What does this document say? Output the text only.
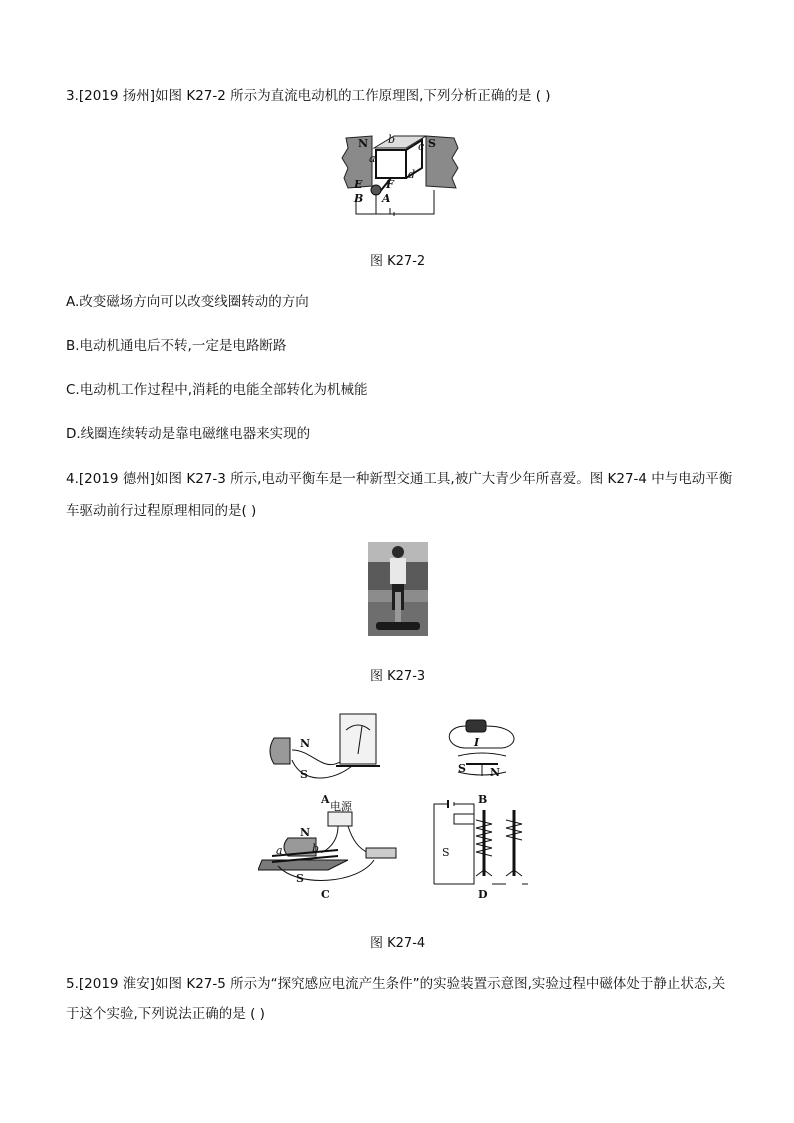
3.[2019 扬州]如图 K27-2 所示为直流电动机的工作原理图,下列分析正确的是 ( )
N	S
a
b
c
d
E F
B A
图 K27-2
A.改变磁场方向可以改变线圈转动的方向
B.电动机通电后不转,一定是电路断路
C.电动机工作过程中,消耗的电能全部转化为机械能
D.线圈连续转动是靠电磁继电器来实现的
4.[2019 德州]如图 K27-3 所示,电动平衡车是一种新型交通工具,被广大青少年所喜爱。图 K27-4 中与电动平衡
车驱动前行过程原理相同的是( )
图 K27-3
N
S
A
I
S N
B
N
S
电源
a	b
C
S
D
图 K27-4
5.[2019 淮安]如图 K27-5 所示为“探究感应电流产生条件”的实验装置示意图,实验过程中磁体处于静止状态,关
于这个实验,下列说法正确的是 ( )
